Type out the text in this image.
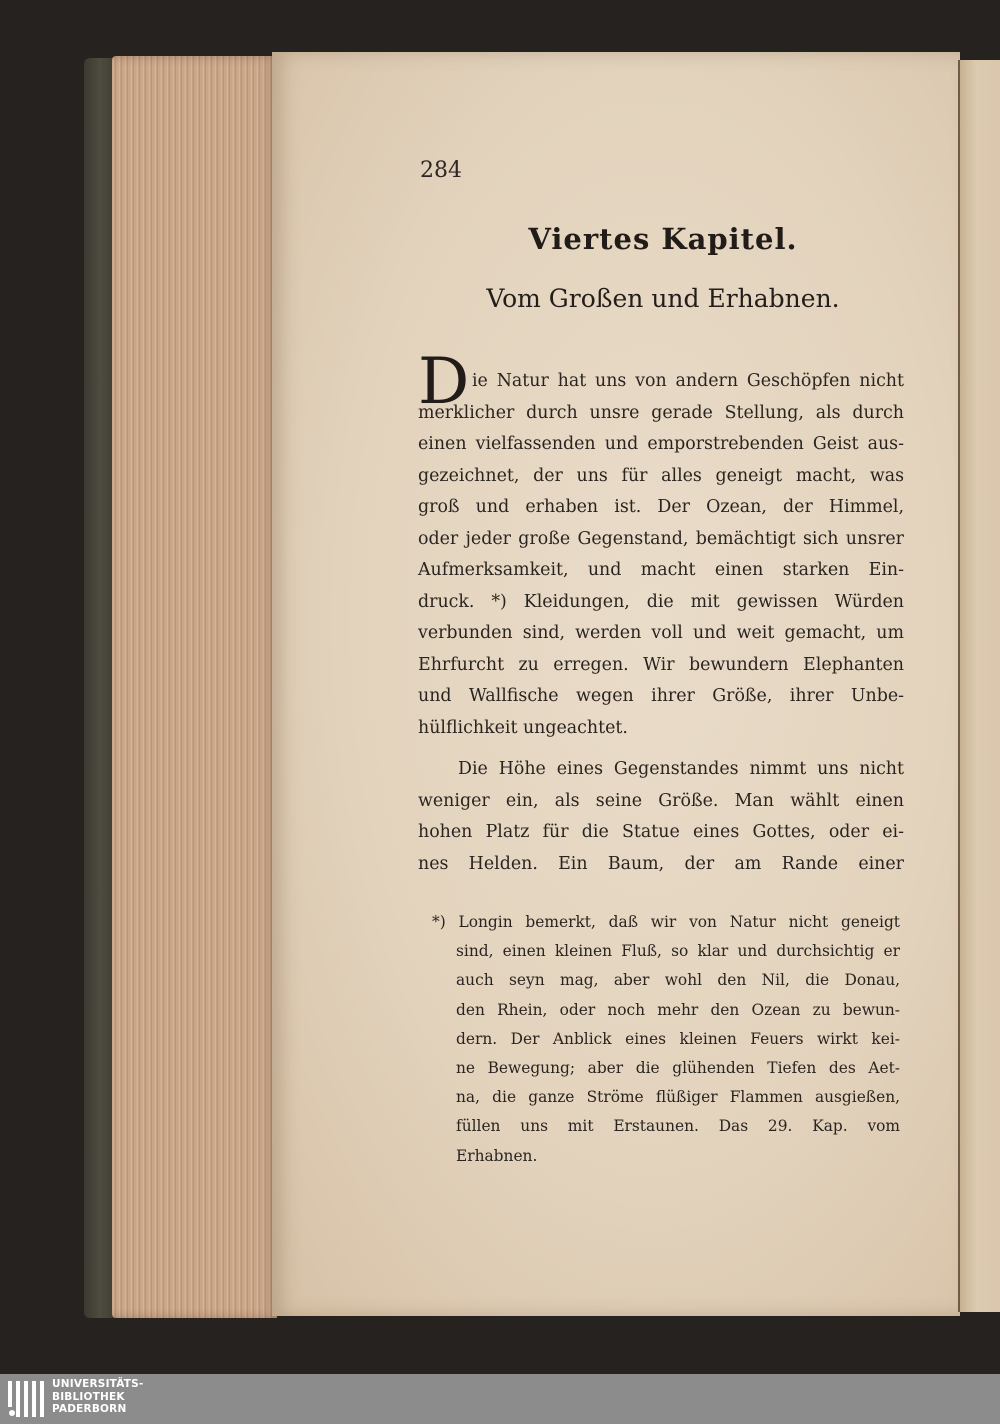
284
Viertes Kapitel.
Vom Großen und Erhabnen.
D ie Natur hat uns von andern Geschöpfen nicht
merklicher durch unsre gerade Stellung, als durch
einen vielfassenden und emporstrebenden Geist aus-
gezeichnet, der uns für alles geneigt macht, was
groß und erhaben ist. Der Ozean, der Himmel,
oder jeder große Gegenstand, bemächtigt sich unsrer
Aufmerksamkeit, und macht einen starken Ein-
druck. *) Kleidungen, die mit gewissen Würden
verbunden sind, werden voll und weit gemacht, um
Ehrfurcht zu erregen. Wir bewundern Elephanten
und Wallfische wegen ihrer Größe, ihrer Unbe-
hülflichkeit ungeachtet.
Die Höhe eines Gegenstandes nimmt uns nicht
weniger ein, als seine Größe. Man wählt einen
hohen Platz für die Statue eines Gottes, oder ei-
nes Helden. Ein Baum, der am Rande einer
*) Longin bemerkt, daß wir von Natur nicht geneigt
sind, einen kleinen Fluß, so klar und durchsichtig er
auch seyn mag, aber wohl den Nil, die Donau,
den Rhein, oder noch mehr den Ozean zu bewun-
dern. Der Anblick eines kleinen Feuers wirkt kei-
ne Bewegung; aber die glühenden Tiefen des Aet-
na, die ganze Ströme flüßiger Flammen ausgießen,
füllen uns mit Erstaunen. Das 29. Kap. vom
Erhabnen.
UNIVERSITÄTS-
BIBLIOTHEK
PADERBORN
